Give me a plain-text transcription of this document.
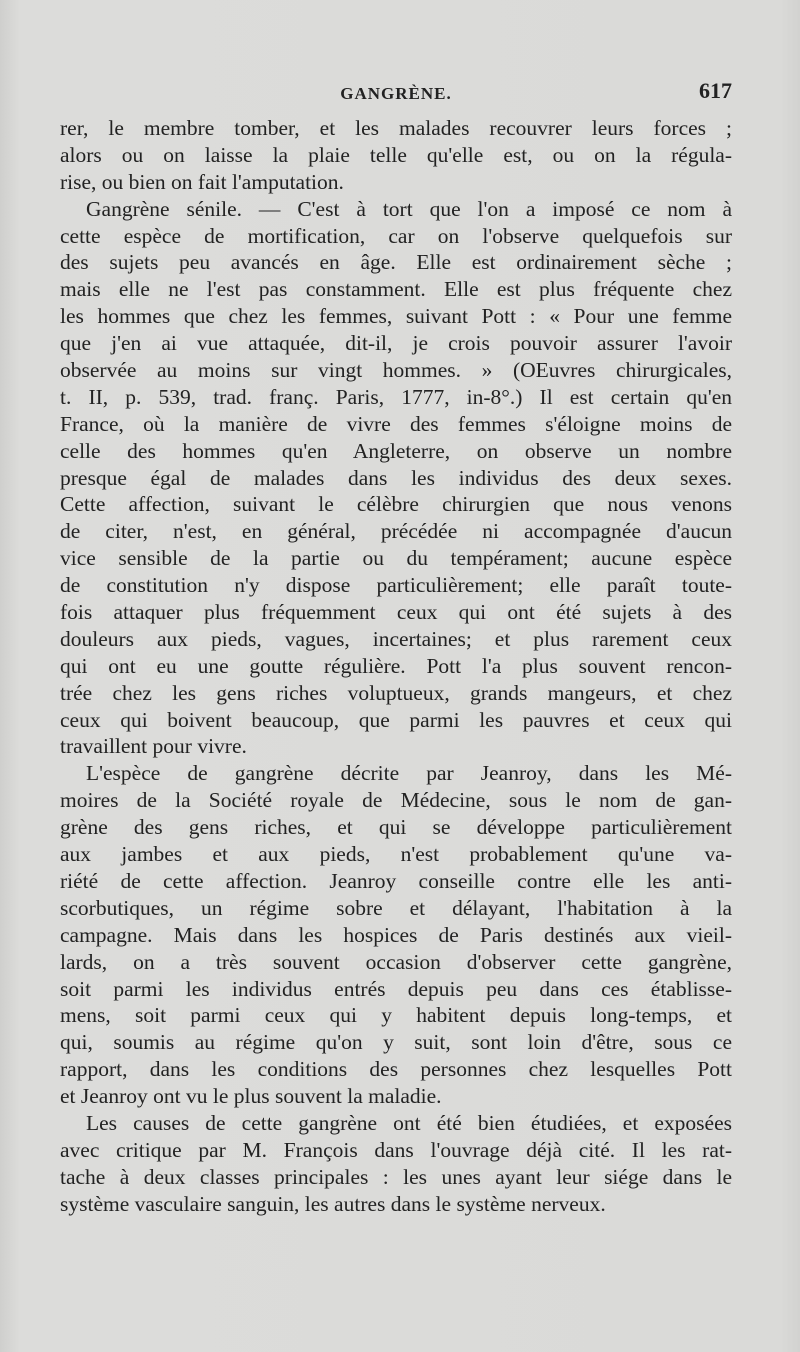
GANGRÈNE.	617
rer, le membre tomber, et les malades recouvrer leurs forces ;
alors ou on laisse la plaie telle qu'elle est, ou on la régula-
rise, ou bien on fait l'amputation.
Gangrène sénile. — C'est à tort que l'on a imposé ce nom à
cette espèce de mortification, car on l'observe quelquefois sur
des sujets peu avancés en âge. Elle est ordinairement sèche ;
mais elle ne l'est pas constamment. Elle est plus fréquente chez
les hommes que chez les femmes, suivant Pott : « Pour une femme
que j'en ai vue attaquée, dit-il, je crois pouvoir assurer l'avoir
observée au moins sur vingt hommes. » (OEuvres chirurgicales,
t. II, p. 539, trad. franç. Paris, 1777, in-8°.) Il est certain qu'en
France, où la manière de vivre des femmes s'éloigne moins de
celle des hommes qu'en Angleterre, on observe un nombre
presque égal de malades dans les individus des deux sexes.
Cette affection, suivant le célèbre chirurgien que nous venons
de citer, n'est, en général, précédée ni accompagnée d'aucun
vice sensible de la partie ou du tempérament; aucune espèce
de constitution n'y dispose particulièrement; elle paraît toute-
fois attaquer plus fréquemment ceux qui ont été sujets à des
douleurs aux pieds, vagues, incertaines; et plus rarement ceux
qui ont eu une goutte régulière. Pott l'a plus souvent rencon-
trée chez les gens riches voluptueux, grands mangeurs, et chez
ceux qui boivent beaucoup, que parmi les pauvres et ceux qui
travaillent pour vivre.
L'espèce de gangrène décrite par Jeanroy, dans les Mé-
moires de la Société royale de Médecine, sous le nom de gan-
grène des gens riches, et qui se développe particulièrement
aux jambes et aux pieds, n'est probablement qu'une va-
riété de cette affection. Jeanroy conseille contre elle les anti-
scorbutiques, un régime sobre et délayant, l'habitation à la
campagne. Mais dans les hospices de Paris destinés aux vieil-
lards, on a très souvent occasion d'observer cette gangrène,
soit parmi les individus entrés depuis peu dans ces établisse-
mens, soit parmi ceux qui y habitent depuis long-temps, et
qui, soumis au régime qu'on y suit, sont loin d'être, sous ce
rapport, dans les conditions des personnes chez lesquelles Pott
et Jeanroy ont vu le plus souvent la maladie.
Les causes de cette gangrène ont été bien étudiées, et exposées
avec critique par M. François dans l'ouvrage déjà cité. Il les rat-
tache à deux classes principales : les unes ayant leur siége dans le
système vasculaire sanguin, les autres dans le système nerveux.
